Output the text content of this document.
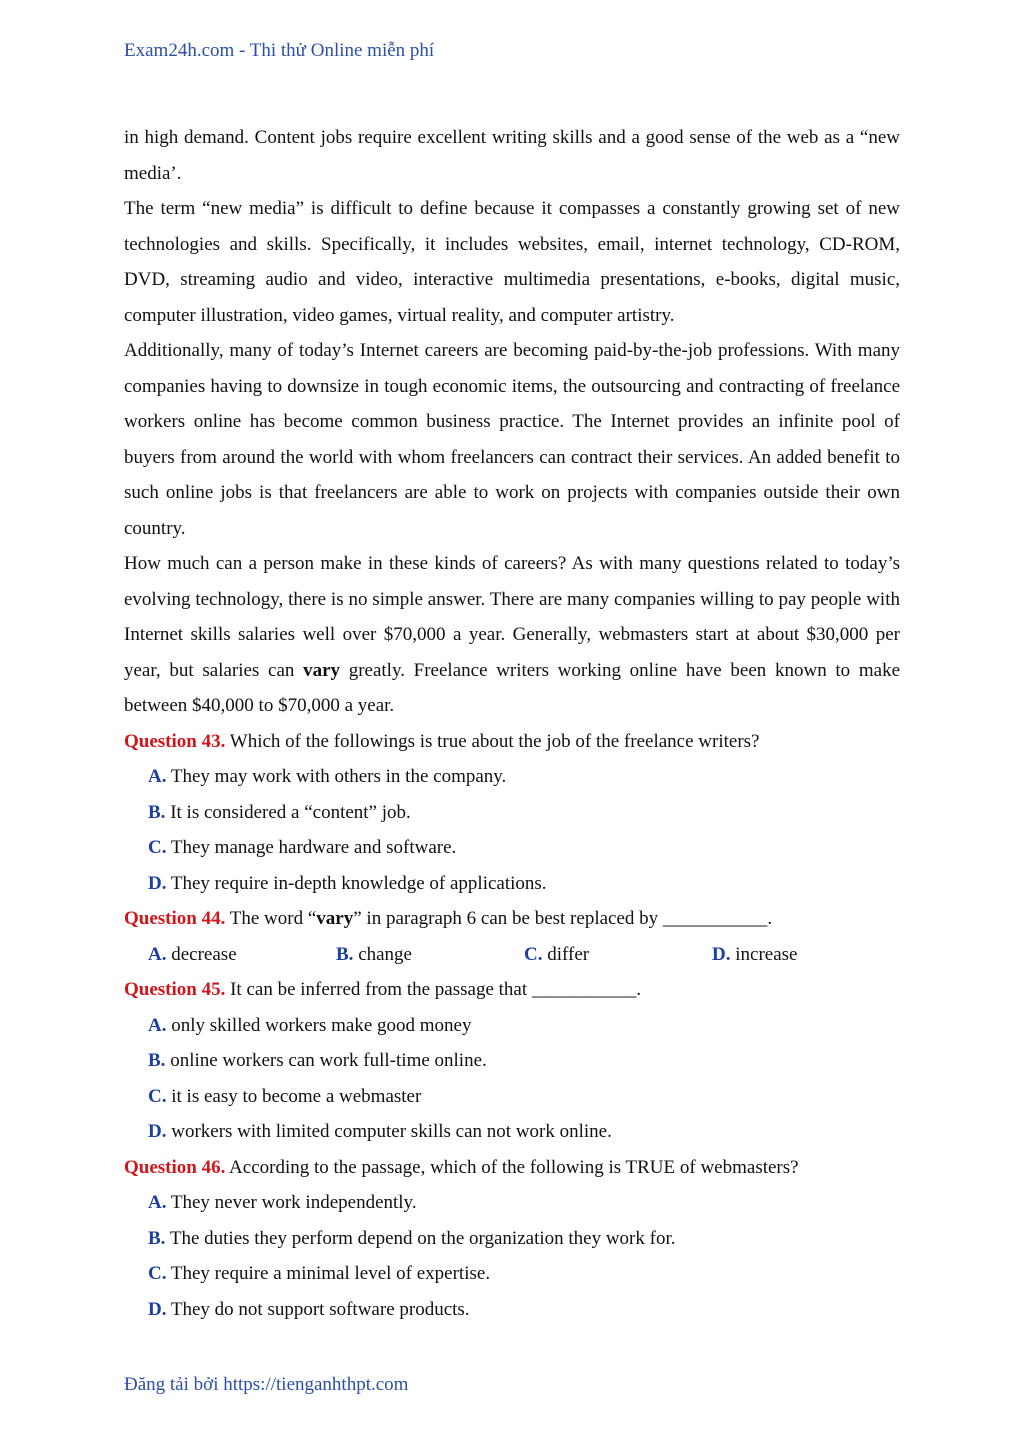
Exam24h.com - Thi thử Online miễn phí

in high demand. Content jobs require excellent writing skills and a good sense of the web as a “new media’.

The term “new media” is difficult to define because it compasses a constantly growing set of new technologies and skills. Specifically, it includes websites, email, internet technology, CD-ROM, DVD, streaming audio and video, interactive multimedia presentations, e-books, digital music, computer illustration, video games, virtual reality, and computer artistry.

Additionally, many of today’s Internet careers are becoming paid-by-the-job professions. With many companies having to downsize in tough economic items, the outsourcing and contracting of freelance workers online has become common business practice. The Internet provides an infinite pool of buyers from around the world with whom freelancers can contract their services. An added benefit to such online jobs is that freelancers are able to work on projects with companies outside their own country.

How much can a person make in these kinds of careers? As with many questions related to today’s evolving technology, there is no simple answer. There are many companies willing to pay people with Internet skills salaries well over $70,000 a year. Generally, webmasters start at about $30,000 per year, but salaries can vary greatly. Freelance writers working online have been known to make between $40,000 to $70,000 a year.

Question 43. Which of the followings is true about the job of the freelance writers?

A. They may work with others in the company.

B. It is considered a “content” job.

C. They manage hardware and software.

D. They require in-depth knowledge of applications.

Question 44. The word “vary” in paragraph 6 can be best replaced by ___________.

A. decrease	B. change	C. differ	D. increase

Question 45. It can be inferred from the passage that ___________.

A. only skilled workers make good money

B. online workers can work full-time online.

C. it is easy to become a webmaster

D. workers with limited computer skills can not work online.

Question 46. According to the passage, which of the following is TRUE of webmasters?

A. They never work independently.

B. The duties they perform depend on the organization they work for.

C. They require a minimal level of expertise.

D. They do not support software products.

Đăng tải bởi https://tienganhthpt.com
